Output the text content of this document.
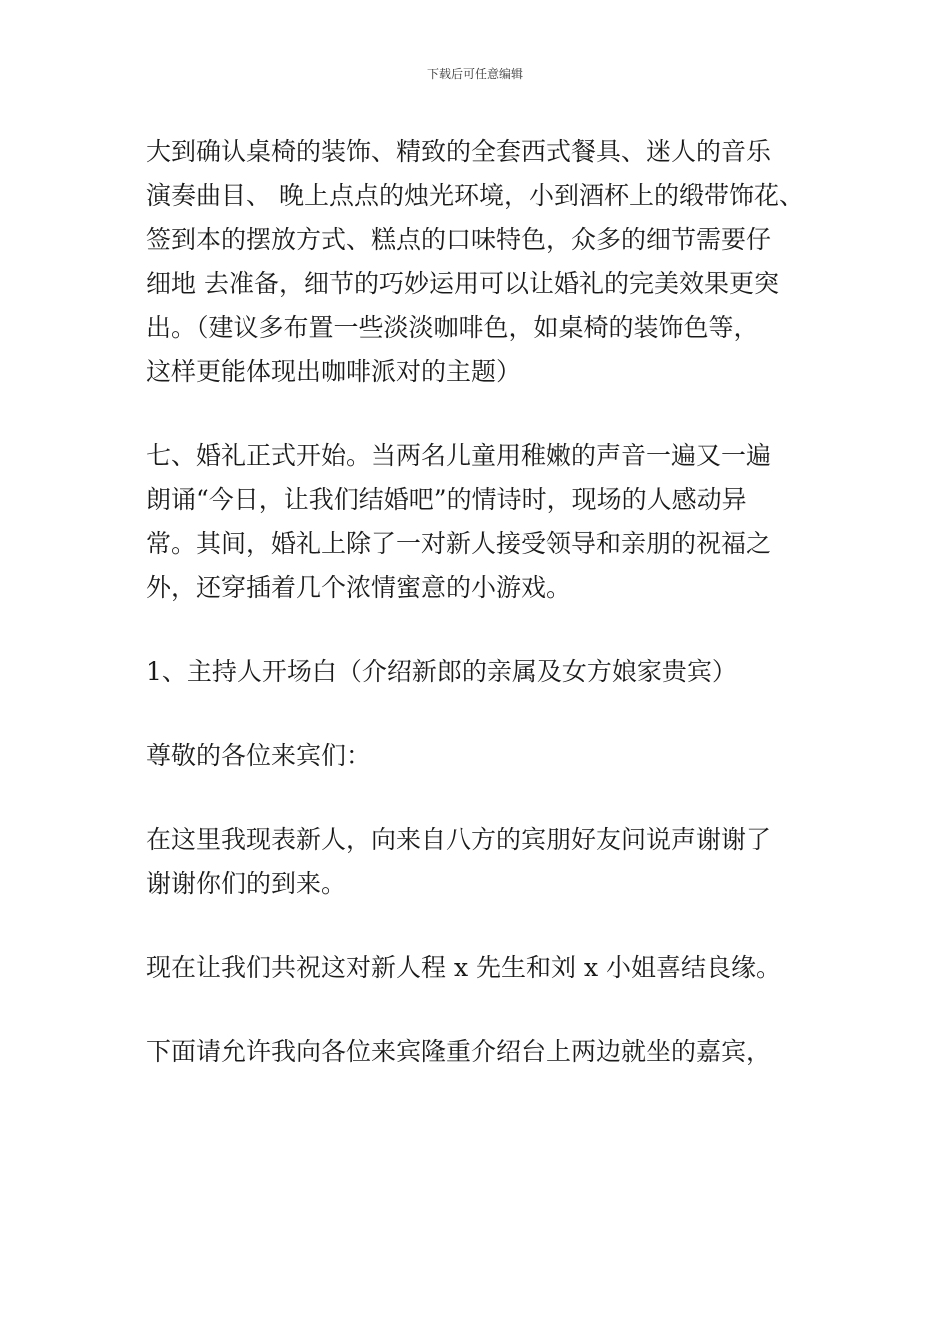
下载后可任意编辑
大到确认桌椅的装饰、精致的全套西式餐具、迷人的音乐
演奏曲目、 晚上点点的烛光环境，小到酒杯上的缎带饰花、
签到本的摆放方式、糕点的口味特色，众多的细节需要仔
细地 去准备，细节的巧妙运用可以让婚礼的完美效果更突
出。（建议多布置一些淡淡咖啡色，如桌椅的装饰色等，
这样更能体现出咖啡派对的主题）
七、婚礼正式开始。当两名儿童用稚嫩的声音一遍又一遍
朗诵“今日，让我们结婚吧”的情诗时，现场的人感动异
常。其间，婚礼上除了一对新人接受领导和亲朋的祝福之
外，还穿插着几个浓情蜜意的小游戏。
1、主持人开场白（介绍新郎的亲属及女方娘家贵宾）
尊敬的各位来宾们：
在这里我现表新人，向来自八方的宾朋好友问说声谢谢了
谢谢你们的到来。
现在让我们共祝这对新人程 x 先生和刘 x 小姐喜结良缘。
下面请允许我向各位来宾隆重介绍台上两边就坐的嘉宾，
